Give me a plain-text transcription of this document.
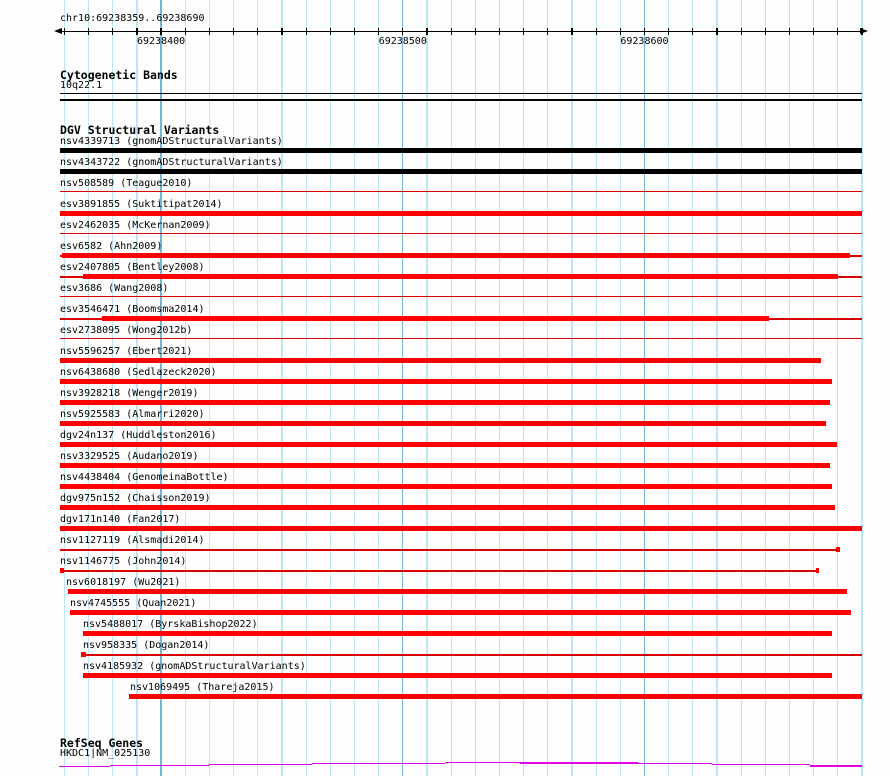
chr10:69238359..69238690
69238400	69238500	69238600
Cytogenetic Bands
10q22.1
DGV Structural Variants
nsv4339713 (gnomADStructuralVariants)
nsv4343722 (gnomADStructuralVariants)
nsv508589 (Teague2010)
esv3891855 (Suktitipat2014)
esv2462035 (McKernan2009)
esv6582 (Ahn2009)
esv2407805 (Bentley2008)
esv3686 (Wang2008)
esv3546471 (Boomsma2014)
esv2738095 (Wong2012b)
nsv5596257 (Ebert2021)
nsv6438680 (Sedlazeck2020)
nsv3928218 (Wenger2019)
nsv5925583 (Almarri2020)
dgv24n137 (Huddleston2016)
nsv3329525 (Audano2019)
nsv4438404 (GenomeinaBottle)
dgv975n152 (Chaisson2019)
dgv171n140 (Fan2017)
nsv1127119 (Alsmadi2014)
nsv1146775 (John2014)
nsv6018197 (Wu2021)
nsv4745555 (Quan2021)
nsv5488017 (ByrskaBishop2022)
nsv958335 (Dogan2014)
nsv4185932 (gnomADStructuralVariants)
nsv1069495 (Thareja2015)
RefSeq Genes
HKDC1|NM_025130
